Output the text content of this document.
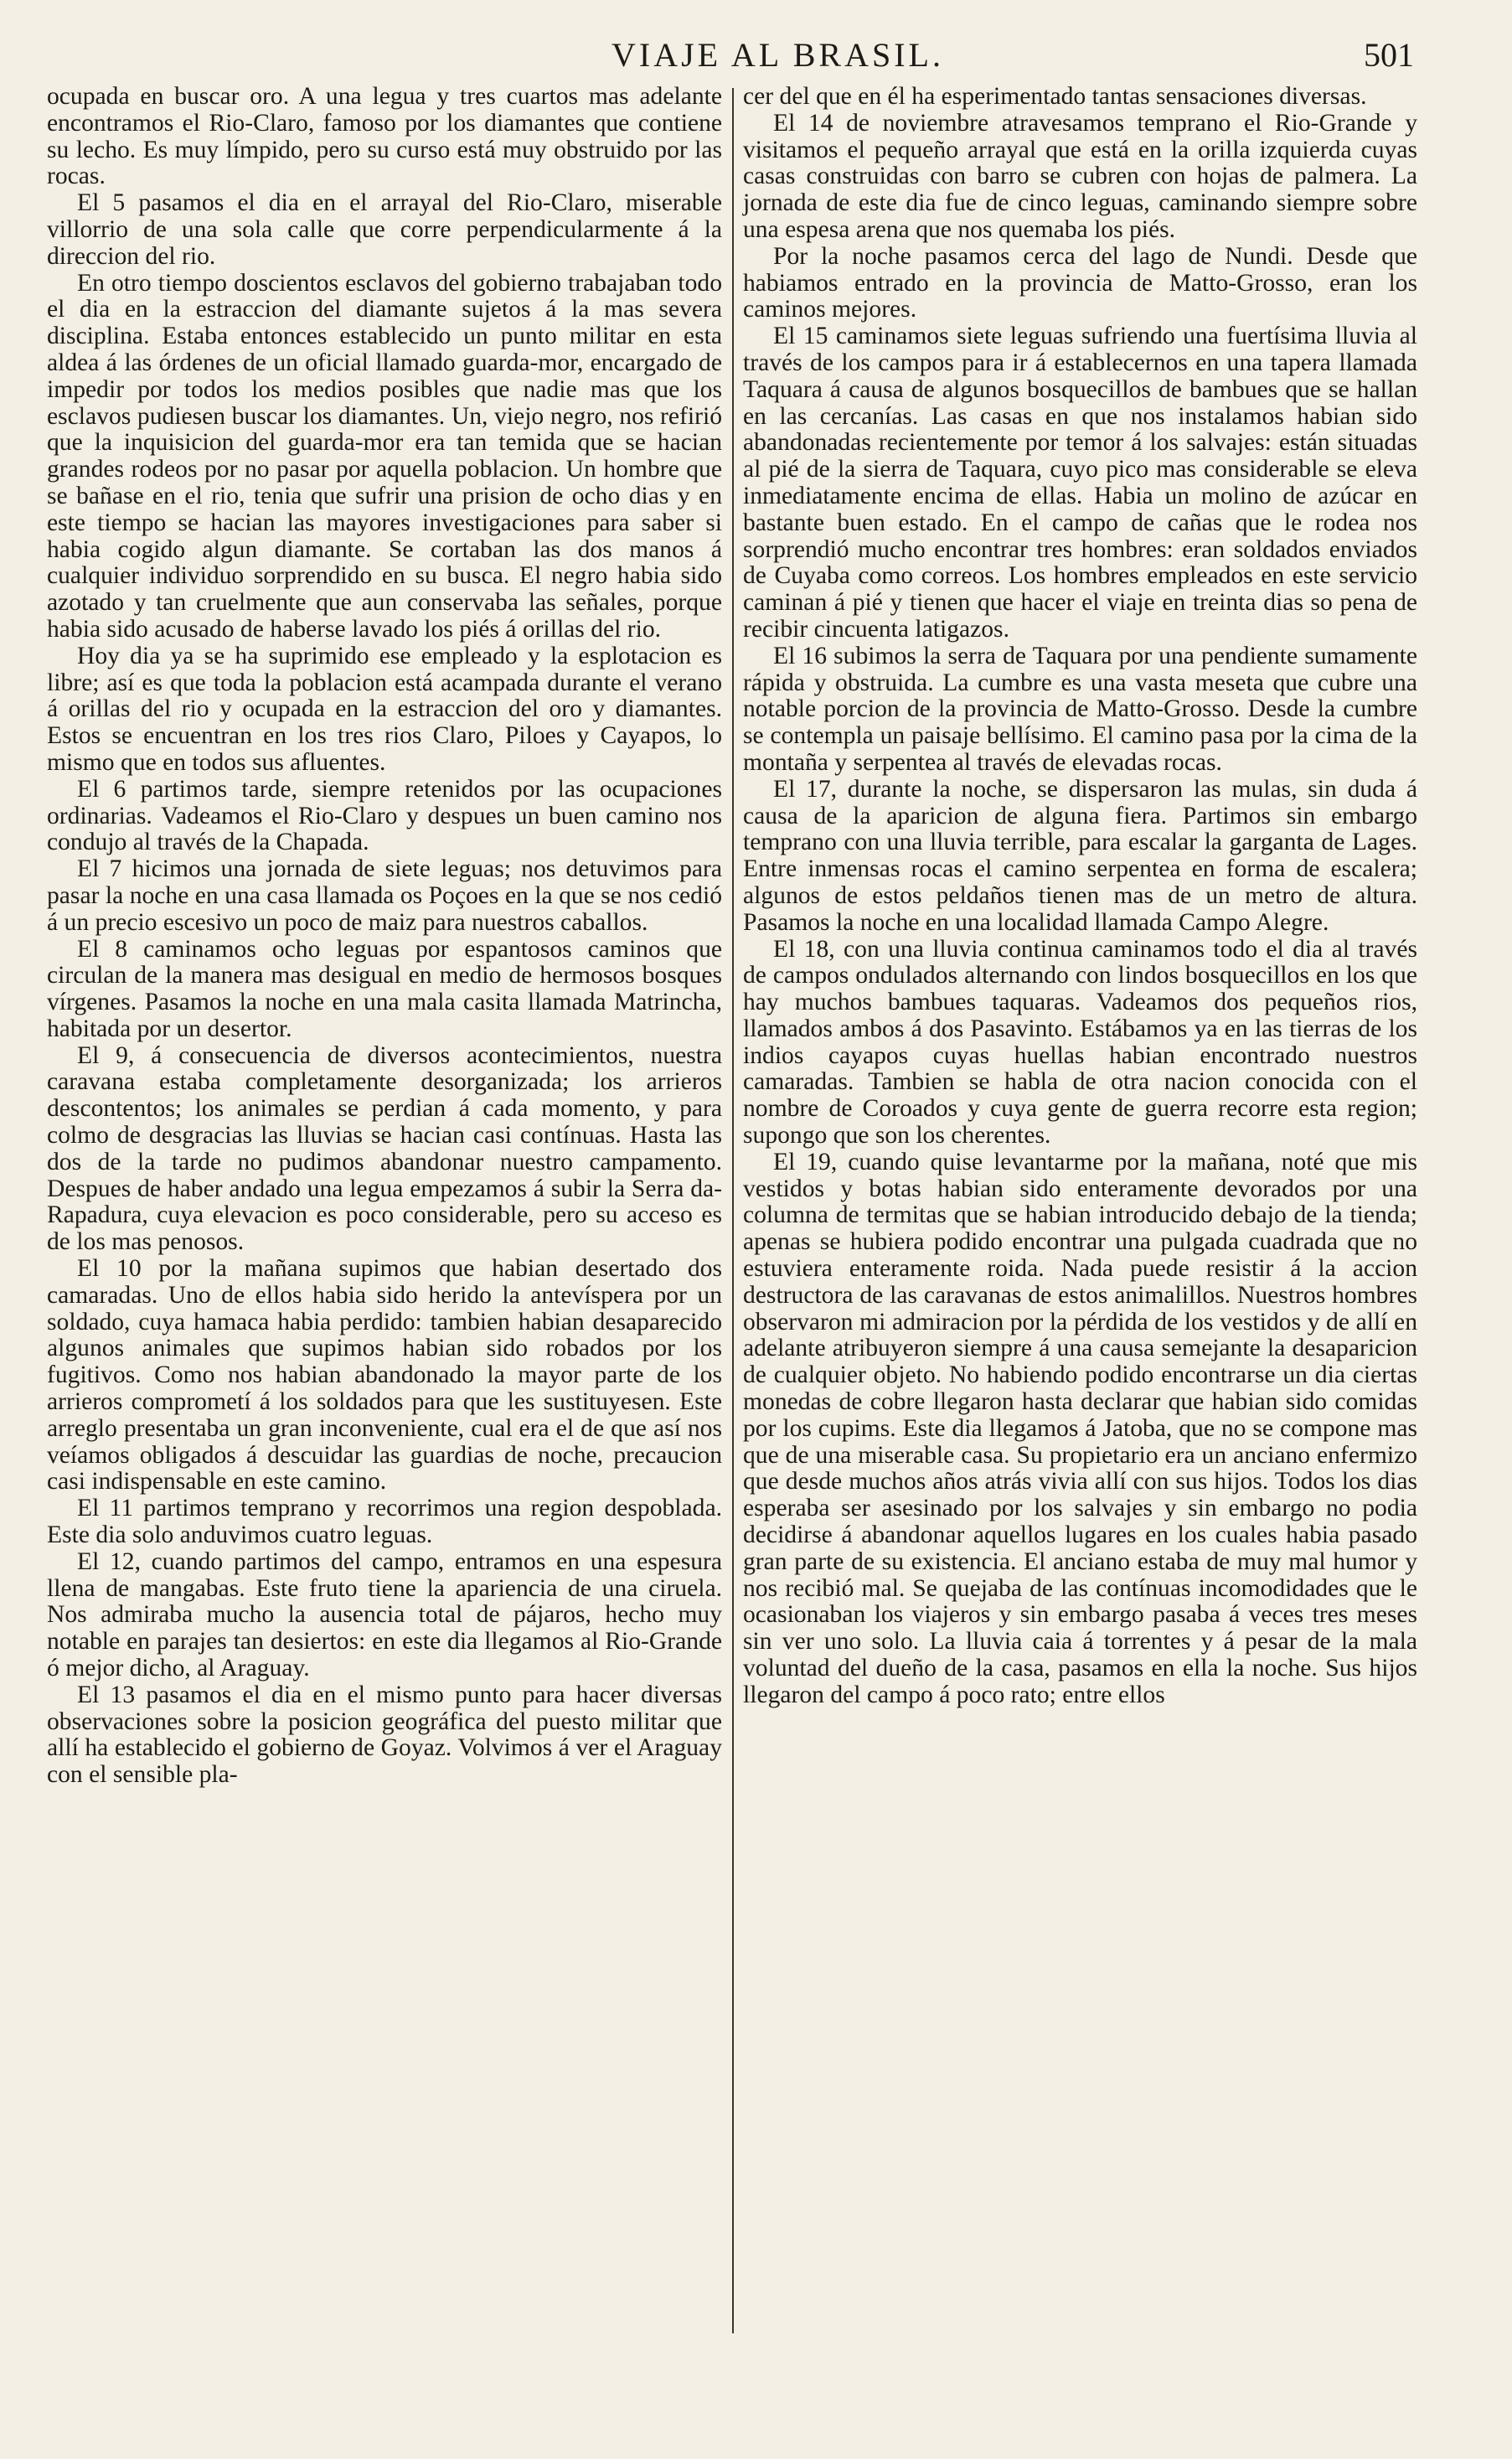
VIAJE AL BRASIL.	501

ocupada en buscar oro. A una legua y tres cuartos mas adelante encontramos el Rio-Claro, famoso por los diamantes que contiene su lecho. Es muy límpido, pero su curso está muy obstruido por las rocas.

El 5 pasamos el dia en el arrayal del Rio-Claro, miserable villorrio de una sola calle que corre perpendicularmente á la direccion del rio.

En otro tiempo doscientos esclavos del gobierno trabajaban todo el dia en la estraccion del diamante sujetos á la mas severa disciplina. Estaba entonces establecido un punto militar en esta aldea á las órdenes de un oficial llamado guarda-mor, encargado de impedir por todos los medios posibles que nadie mas que los esclavos pudiesen buscar los diamantes. Un, viejo negro, nos refirió que la inquisicion del guarda-mor era tan temida que se hacian grandes rodeos por no pasar por aquella poblacion. Un hombre que se bañase en el rio, tenia que sufrir una prision de ocho dias y en este tiempo se hacian las mayores investigaciones para saber si habia cogido algun diamante. Se cortaban las dos manos á cualquier individuo sorprendido en su busca. El negro habia sido azotado y tan cruelmente que aun conservaba las señales, porque habia sido acusado de haberse lavado los piés á orillas del rio.

Hoy dia ya se ha suprimido ese empleado y la esplotacion es libre; así es que toda la poblacion está acampada durante el verano á orillas del rio y ocupada en la estraccion del oro y diamantes. Estos se encuentran en los tres rios Claro, Piloes y Cayapos, lo mismo que en todos sus afluentes.

El 6 partimos tarde, siempre retenidos por las ocupaciones ordinarias. Vadeamos el Rio-Claro y despues un buen camino nos condujo al través de la Chapada.

El 7 hicimos una jornada de siete leguas; nos detuvimos para pasar la noche en una casa llamada os Poçoes en la que se nos cedió á un precio escesivo un poco de maiz para nuestros caballos.

El 8 caminamos ocho leguas por espantosos caminos que circulan de la manera mas desigual en medio de hermosos bosques vírgenes. Pasamos la noche en una mala casita llamada Matrincha, habitada por un desertor.

El 9, á consecuencia de diversos acontecimientos, nuestra caravana estaba completamente desorganizada; los arrieros descontentos; los animales se perdian á cada momento, y para colmo de desgracias las lluvias se hacian casi contínuas. Hasta las dos de la tarde no pudimos abandonar nuestro campamento. Despues de haber andado una legua empezamos á subir la Serra da-Rapadura, cuya elevacion es poco considerable, pero su acceso es de los mas penosos.

El 10 por la mañana supimos que habian desertado dos camaradas. Uno de ellos habia sido herido la antevíspera por un soldado, cuya hamaca habia perdido: tambien habian desaparecido algunos animales que supimos habian sido robados por los fugitivos. Como nos habian abandonado la mayor parte de los arrieros comprometí á los soldados para que les sustituyesen. Este arreglo presentaba un gran inconveniente, cual era el de que así nos veíamos obligados á descuidar las guardias de noche, precaucion casi indispensable en este camino.

El 11 partimos temprano y recorrimos una region despoblada. Este dia solo anduvimos cuatro leguas.

El 12, cuando partimos del campo, entramos en una espesura llena de mangabas. Este fruto tiene la apariencia de una ciruela. Nos admiraba mucho la ausencia total de pájaros, hecho muy notable en parajes tan desiertos: en este dia llegamos al Rio-Grande ó mejor dicho, al Araguay.

El 13 pasamos el dia en el mismo punto para hacer diversas observaciones sobre la posicion geográfica del puesto militar que allí ha establecido el gobierno de Goyaz. Volvimos á ver el Araguay con el sensible pla-

cer del que en él ha esperimentado tantas sensaciones diversas.

El 14 de noviembre atravesamos temprano el Rio-Grande y visitamos el pequeño arrayal que está en la orilla izquierda cuyas casas construidas con barro se cubren con hojas de palmera. La jornada de este dia fue de cinco leguas, caminando siempre sobre una espesa arena que nos quemaba los piés.

Por la noche pasamos cerca del lago de Nundi. Desde que habiamos entrado en la provincia de Matto-Grosso, eran los caminos mejores.

El 15 caminamos siete leguas sufriendo una fuertísima lluvia al través de los campos para ir á establecernos en una tapera llamada Taquara á causa de algunos bosquecillos de bambues que se hallan en las cercanías. Las casas en que nos instalamos habian sido abandonadas recientemente por temor á los salvajes: están situadas al pié de la sierra de Taquara, cuyo pico mas considerable se eleva inmediatamente encima de ellas. Habia un molino de azúcar en bastante buen estado. En el campo de cañas que le rodea nos sorprendió mucho encontrar tres hombres: eran soldados enviados de Cuyaba como correos. Los hombres empleados en este servicio caminan á pié y tienen que hacer el viaje en treinta dias so pena de recibir cincuenta latigazos.

El 16 subimos la serra de Taquara por una pendiente sumamente rápida y obstruida. La cumbre es una vasta meseta que cubre una notable porcion de la provincia de Matto-Grosso. Desde la cumbre se contempla un paisaje bellísimo. El camino pasa por la cima de la montaña y serpentea al través de elevadas rocas.

El 17, durante la noche, se dispersaron las mulas, sin duda á causa de la aparicion de alguna fiera. Partimos sin embargo temprano con una lluvia terrible, para escalar la garganta de Lages. Entre inmensas rocas el camino serpentea en forma de escalera; algunos de estos peldaños tienen mas de un metro de altura. Pasamos la noche en una localidad llamada Campo Alegre.

El 18, con una lluvia continua caminamos todo el dia al través de campos ondulados alternando con lindos bosquecillos en los que hay muchos bambues taquaras. Vadeamos dos pequeños rios, llamados ambos á dos Pasavinto. Estábamos ya en las tierras de los indios cayapos cuyas huellas habian encontrado nuestros camaradas. Tambien se habla de otra nacion conocida con el nombre de Coroados y cuya gente de guerra recorre esta region; supongo que son los cherentes.

El 19, cuando quise levantarme por la mañana, noté que mis vestidos y botas habian sido enteramente devorados por una columna de termitas que se habian introducido debajo de la tienda; apenas se hubiera podido encontrar una pulgada cuadrada que no estuviera enteramente roida. Nada puede resistir á la accion destructora de las caravanas de estos animalillos. Nuestros hombres observaron mi admiracion por la pérdida de los vestidos y de allí en adelante atribuyeron siempre á una causa semejante la desaparicion de cualquier objeto. No habiendo podido encontrarse un dia ciertas monedas de cobre llegaron hasta declarar que habian sido comidas por los cupims. Este dia llegamos á Jatoba, que no se compone mas que de una miserable casa. Su propietario era un anciano enfermizo que desde muchos años atrás vivia allí con sus hijos. Todos los dias esperaba ser asesinado por los salvajes y sin embargo no podia decidirse á abandonar aquellos lugares en los cuales habia pasado gran parte de su existencia. El anciano estaba de muy mal humor y nos recibió mal. Se quejaba de las contínuas incomodidades que le ocasionaban los viajeros y sin embargo pasaba á veces tres meses sin ver uno solo. La lluvia caia á torrentes y á pesar de la mala voluntad del dueño de la casa, pasamos en ella la noche. Sus hijos llegaron del campo á poco rato; entre ellos
